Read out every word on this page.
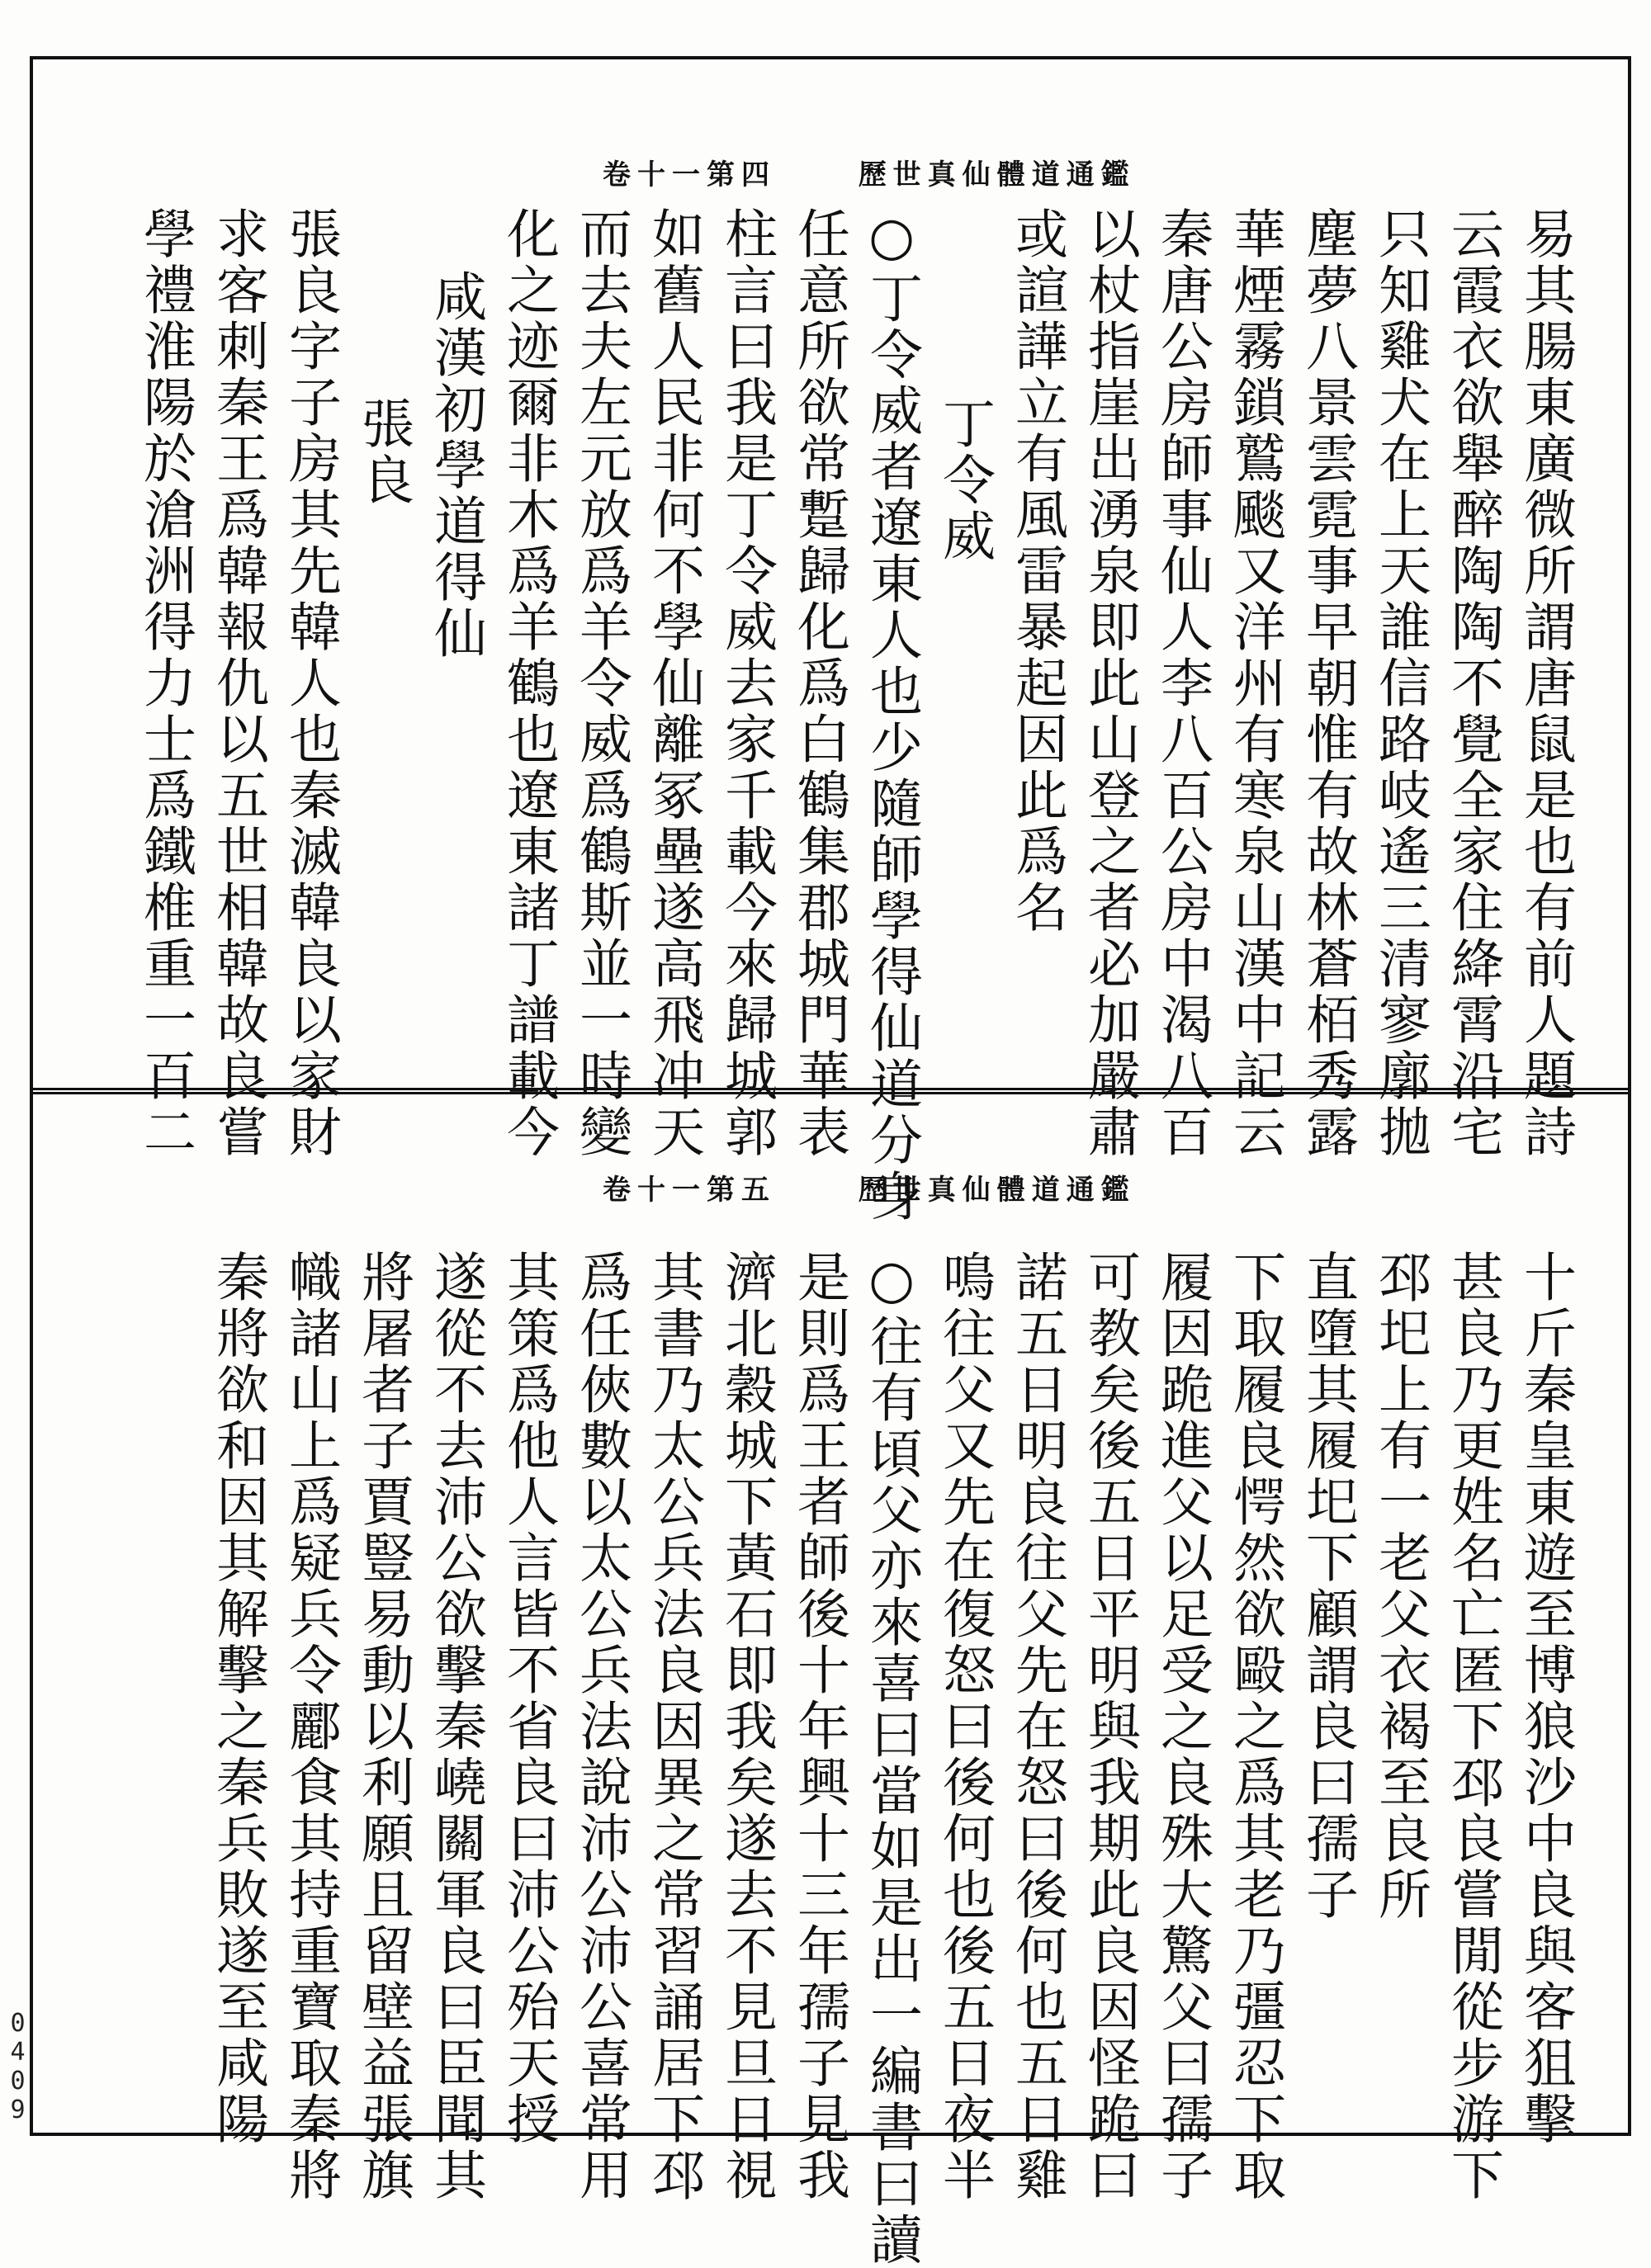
卷十一第四	歷世真仙體道通鑑
易其腸東廣微所謂唐鼠是也有前人題詩
云霞衣欲舉醉陶陶不覺全家住絳霄沿宅
只知雞犬在上天誰信路岐遙三清寥廓拋
塵夢八景雲霓事早朝惟有故林蒼栢秀露
華煙霧鎖鷲颷又洋州有寒泉山漢中記云
秦唐公房師事仙人李八百公房中渴八百
以杖指崖出湧泉即此山登之者必加嚴肅
或諠譁立有風雷暴起因此爲名
丁令威
○丁令威者遼東人也少隨師學得仙道分身
任意所欲常蹔歸化爲白鶴集郡城門華表
柱言曰我是丁令威去家千載今來歸城郭
如舊人民非何不學仙離冢壘遂高飛冲天
而去夫左元放爲羊令威爲鶴斯並一時變
化之迹爾非木爲羊鶴也遼東諸丁譜載今
咸漢初學道得仙
張良
張良字子房其先韓人也秦滅韓良以家財
求客刺秦王爲韓報仇以五世相韓故良嘗
學禮淮陽於滄洲得力士爲鐵椎重一百二
卷十一第五	歷世真仙體道通鑑
十斤秦皇東遊至博狼沙中良與客狙擊
甚良乃更姓名亡匿下邳良嘗閒從步游下
邳圯上有一老父衣褐至良所
直墮其履圯下顧謂良曰孺子
下取履良愕然欲毆之爲其老乃彊忍下取
履因跪進父以足受之良殊大驚父曰孺子
可教矣後五日平明與我期此良因怪跪曰
諾五日明良往父先在怒曰後何也五日雞
鳴往父又先在復怒曰後何也後五日夜半
○往有頃父亦來喜曰當如是出一編書曰讀
是則爲王者師後十年興十三年孺子見我
濟北穀城下黃石即我矣遂去不見旦日視
其書乃太公兵法良因異之常習誦居下邳
爲任俠數以太公兵法說沛公沛公喜常用
其策爲他人言皆不省良曰沛公殆天授
遂從不去沛公欲擊秦嶢關軍良曰臣聞其
將屠者子賈豎易動以利願且留壁益張旗
幟諸山上爲疑兵令酈食其持重寶取秦將
秦將欲和因其解擊之秦兵敗遂至咸陽
0409
